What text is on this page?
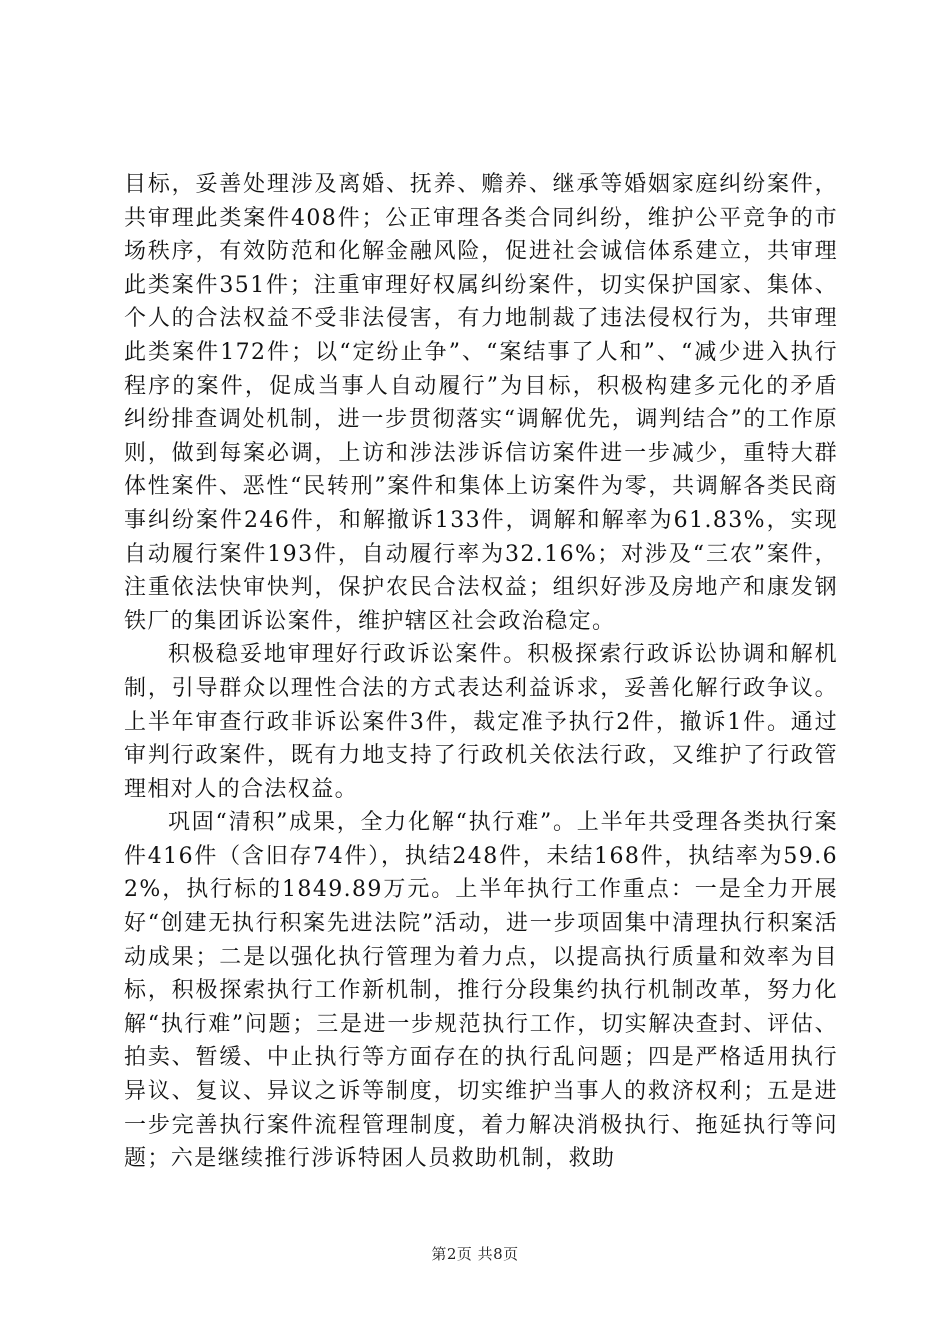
目标，妥善处理涉及离婚、抚养、赡养、继承等婚姻家庭纠纷案件，共审理此类案件408件；公正审理各类合同纠纷，维护公平竞争的市场秩序，有效防范和化解金融风险，促进社会诚信体系建立，共审理此类案件351件；注重审理好权属纠纷案件，切实保护国家、集体、个人的合法权益不受非法侵害，有力地制裁了违法侵权行为，共审理此类案件172件；以“定纷止争”、“案结事了人和”、“减少进入执行程序的案件，促成当事人自动履行”为目标，积极构建多元化的矛盾纠纷排查调处机制，进一步贯彻落实“调解优先，调判结合”的工作原则，做到每案必调，上访和涉法涉诉信访案件进一步减少，重特大群体性案件、恶性“民转刑”案件和集体上访案件为零，共调解各类民商事纠纷案件246件，和解撤诉133件，调解和解率为61.83%，实现自动履行案件193件，自动履行率为32.16%；对涉及“三农”案件，注重依法快审快判，保护农民合法权益；组织好涉及房地产和康发钢铁厂的集团诉讼案件，维护辖区社会政治稳定。

积极稳妥地审理好行政诉讼案件。积极探索行政诉讼协调和解机制，引导群众以理性合法的方式表达利益诉求，妥善化解行政争议。上半年审查行政非诉讼案件3件，裁定准予执行2件，撤诉1件。通过审判行政案件，既有力地支持了行政机关依法行政，又维护了行政管理相对人的合法权益。

巩固“清积”成果，全力化解“执行难”。上半年共受理各类执行案件416件（含旧存74件），执结248件，未结168件，执结率为59.62%，执行标的1849.89万元。上半年执行工作重点：一是全力开展好“创建无执行积案先进法院”活动，进一步项固集中清理执行积案活动成果；二是以强化执行管理为着力点，以提高执行质量和效率为目标，积极探索执行工作新机制，推行分段集约执行机制改革，努力化解“执行难”问题；三是进一步规范执行工作，切实解决查封、评估、拍卖、暂缓、中止执行等方面存在的执行乱问题；四是严格适用执行异议、复议、异议之诉等制度，切实维护当事人的救济权利；五是进一步完善执行案件流程管理制度，着力解决消极执行、拖延执行等问题；六是继续推行涉诉特困人员救助机制，救助

第2页 共8页
